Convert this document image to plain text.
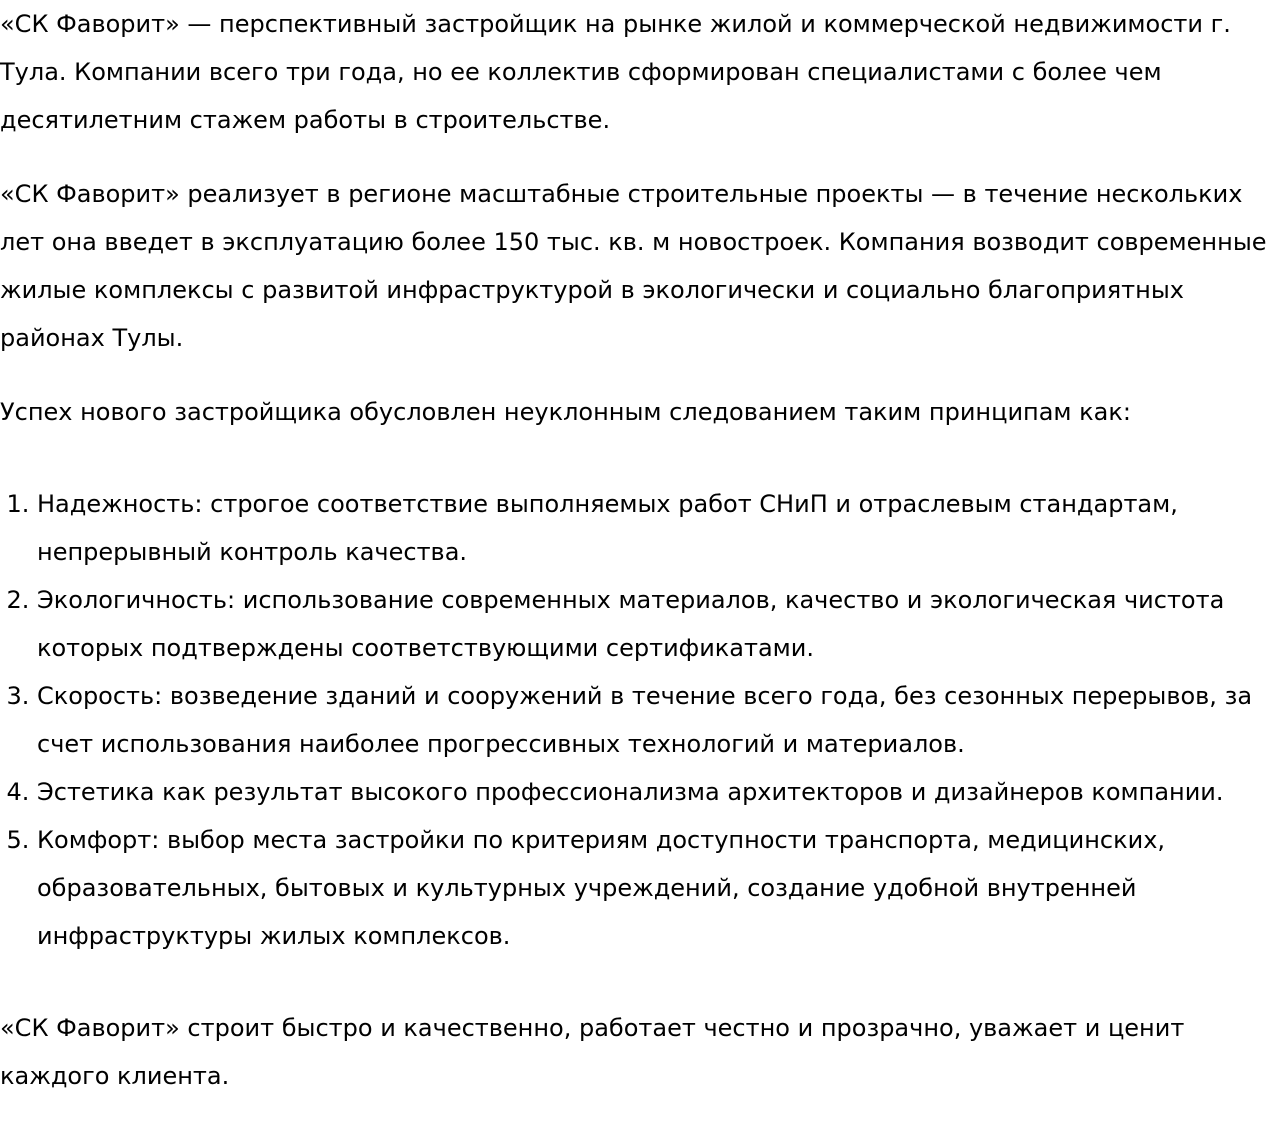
«СК Фаворит» — перспективный застройщик на рынке жилой и коммерческой недвижимости г. Тула. Компании всего три года, но ее коллектив сформирован специалистами с более чем десятилетним стажем работы в строительстве.

«СК Фаворит» реализует в регионе масштабные строительные проекты — в течение нескольких лет она введет в эксплуатацию более 150 тыс. кв. м новостроек. Компания возводит современные жилые комплексы с развитой инфраструктурой в экологически и социально благоприятных районах Тулы.

Успех нового застройщика обусловлен неуклонным следованием таким принципам как:

1. Надежность: строгое соответствие выполняемых работ СНиП и отраслевым стандартам, непрерывный контроль качества.
2. Экологичность: использование современных материалов, качество и экологическая чистота которых подтверждены соответствующими сертификатами.
3. Скорость: возведение зданий и сооружений в течение всего года, без сезонных перерывов, за счет использования наиболее прогрессивных технологий и материалов.
4. Эстетика как результат высокого профессионализма архитекторов и дизайнеров компании.
5. Комфорт: выбор места застройки по критериям доступности транспорта, медицинских, образовательных, бытовых и культурных учреждений, создание удобной внутренней инфраструктуры жилых комплексов.

«СК Фаворит» строит быстро и качественно, работает честно и прозрачно, уважает и ценит каждого клиента.
